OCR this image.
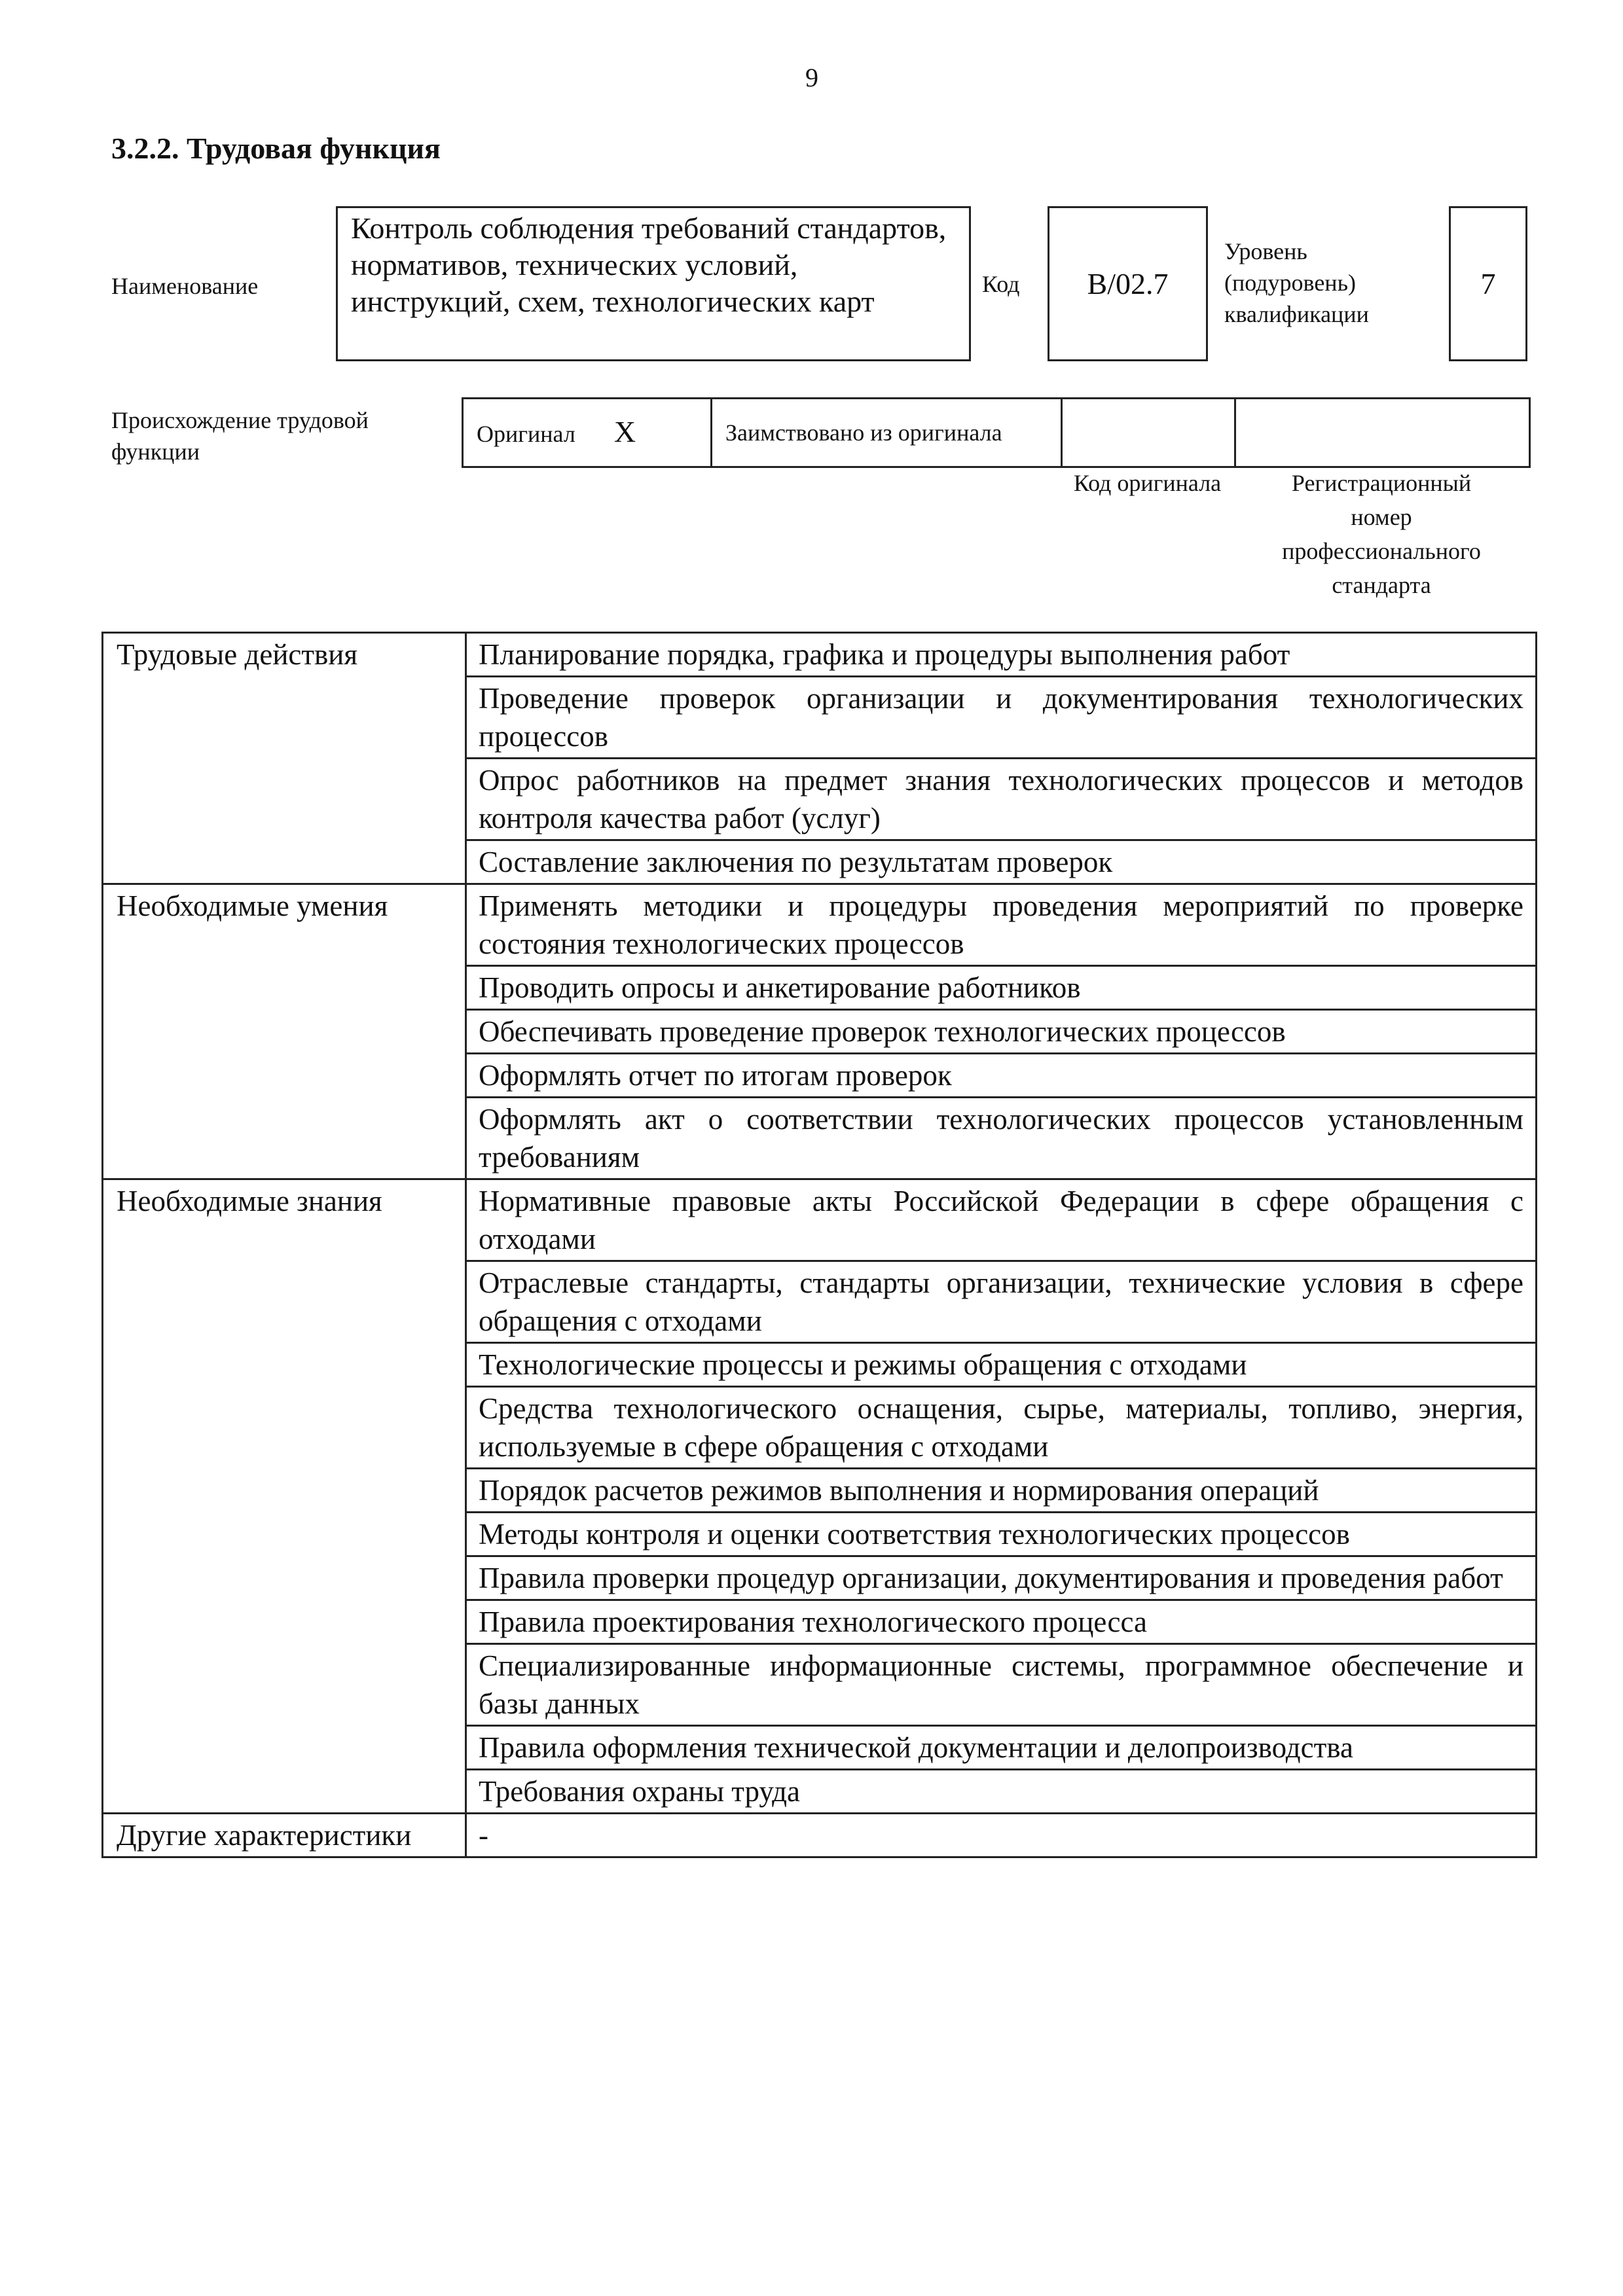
9
3.2.2. Трудовая функция
Наименование
Контроль соблюдения требований стандартов, нормативов, технических условий, инструкций, схем, технологических карт
Код	B/02.7
Уровень (подуровень) квалификации
7
Происхождение трудовой функции
Оригинал X	Заимствовано из оригинала		
Код оригинала	Регистрационный номер профессионального стандарта
Трудовые действия	Планирование порядка, графика и процедуры выполнения работ
	Проведение проверок организации и документирования технологических процессов
	Опрос работников на предмет знания технологических процессов и методов контроля качества работ (услуг)
	Составление заключения по результатам проверок
Необходимые умения	Применять методики и процедуры проведения мероприятий по проверке состояния технологических процессов
	Проводить опросы и анкетирование работников
	Обеспечивать проведение проверок технологических процессов
	Оформлять отчет по итогам проверок
	Оформлять акт о соответствии технологических процессов установленным требованиям
Необходимые знания	Нормативные правовые акты Российской Федерации в сфере обращения с отходами
	Отраслевые стандарты, стандарты организации, технические условия в сфере обращения с отходами
	Технологические процессы и режимы обращения с отходами
	Средства технологического оснащения, сырье, материалы, топливо, энергия, используемые в сфере обращения с отходами
	Порядок расчетов режимов выполнения и нормирования операций
	Методы контроля и оценки соответствия технологических процессов
	Правила проверки процедур организации, документирования и проведения работ
	Правила проектирования технологического процесса
	Специализированные информационные системы, программное обеспечение и базы данных
	Правила оформления технической документации и делопроизводства
	Требования охраны труда
Другие характеристики	-
